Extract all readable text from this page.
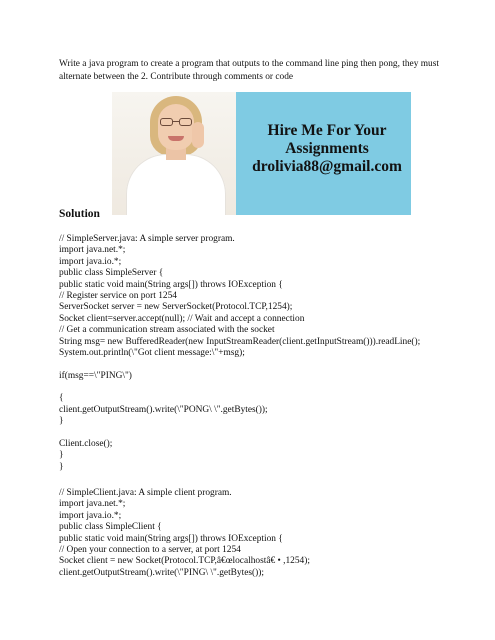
Write a java program to create a program that outputs to the command line ping then pong, they must alternate between the 2. Contribute through comments or code
Hire Me For Your
Assignments
drolivia88@gmail.com
Solution
// SimpleServer.java: A simple server program.
import java.net.*;
import java.io.*;
public class SimpleServer {
public static void main(String args[]) throws IOException {
// Register service on port 1254
ServerSocket server = new ServerSocket(Protocol.TCP,1254);
Socket client=server.accept(null); // Wait and accept a connection
// Get a communication stream associated with the socket
String msg= new BufferedReader(new InputStreamReader(client.getInputStream())).readLine();
System.out.println(\"Got client message:\"+msg);
if(msg==\"PING\")
{
client.getOutputStream().write(\"PONG\ \".getBytes());
}
Client.close();
}
}
// SimpleClient.java: A simple client program.
import java.net.*;
import java.io.*;
public class SimpleClient {
public static void main(String args[]) throws IOException {
// Open your connection to a server, at port 1254
Socket client = new Socket(Protocol.TCP,â€œlocalhostâ€ • ,1254);
client.getOutputStream().write(\"PING\ \".getBytes());
